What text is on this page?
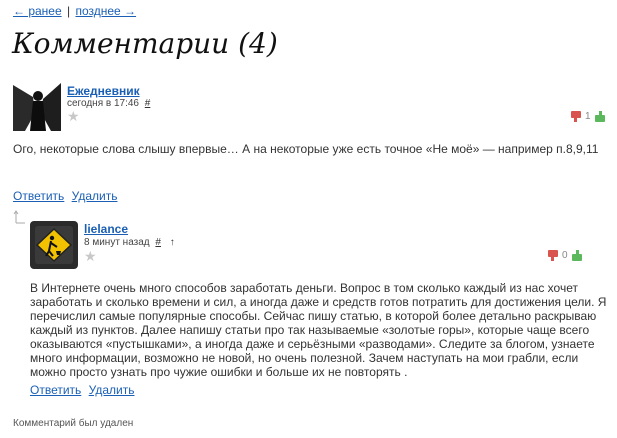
← ранее | позднее →
Комментарии (4)
Ежедневник
сегодня в 17:46 #
★	1
Ого, некоторые слова слышу впервые… А на некоторые уже есть точное «Не моё» — например п.8,9,11
Ответить Удалить
lielance
8 минут назад # ↑
★	0
В Интернете очень много способов заработать деньги. Вопрос в том сколько каждый из нас хочет заработать и сколько времени и сил, а иногда даже и средств готов потратить для достижения цели. Я перечислил самые популярные способы. Сейчас пишу статью, в которой более детально раскрываю каждый из пунктов. Далее напишу статьи про так называемые «золотые горы», которые чаще всего оказываются «пустышками», а иногда даже и серьёзными «разводами». Следите за блогом, узнаете много информации, возможно не новой, но очень полезной. Зачем наступать на мои грабли, если можно просто узнать про чужие ошибки и больше их не повторять .
Ответить Удалить
Комментарий был удален
